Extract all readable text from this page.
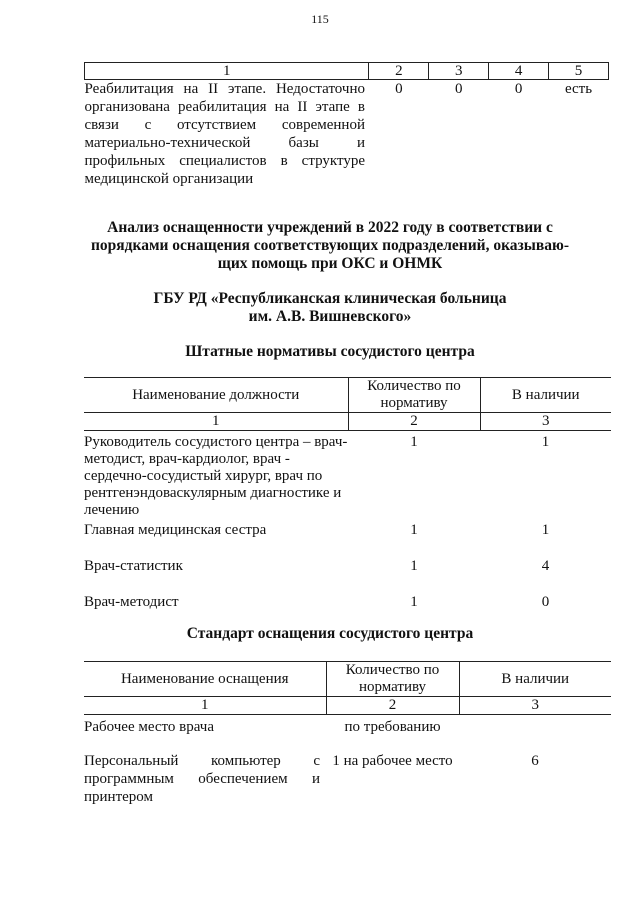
115
1	2	3	4	5
Реабилитация на II этапе. Недостаточно организована реабилитация на II этапе в связи с отсутствием современной материально-технической базы и профильных специалистов в структуре медицинской организации	0	0	0	есть
Анализ оснащенности учреждений в 2022 году в соответствии с
порядками оснащения соответствующих подразделений, оказываю-
щих помощь при ОКС и ОНМК
ГБУ РД «Республиканская клиническая больница
им. А.В. Вишневского»
Штатные нормативы сосудистого центра
Наименование должности	Количество по нормативу	В наличии
1	2	3
Руководитель сосудистого центра – врач-методист, врач-кардиолог, врач - сердечно-сосудистый хирург, врач по рентгенэндоваскулярным диагностике и лечению	1	1
Главная медицинская сестра	1	1
Врач-статистик	1	4
Врач-методист	1	0
Стандарт оснащения сосудистого центра
Наименование оснащения	Количество по нормативу	В наличии
1	2	3
Рабочее место врача	по требованию	
Персональный компьютер с программным обеспечением и принтером	1 на рабочее место	6
